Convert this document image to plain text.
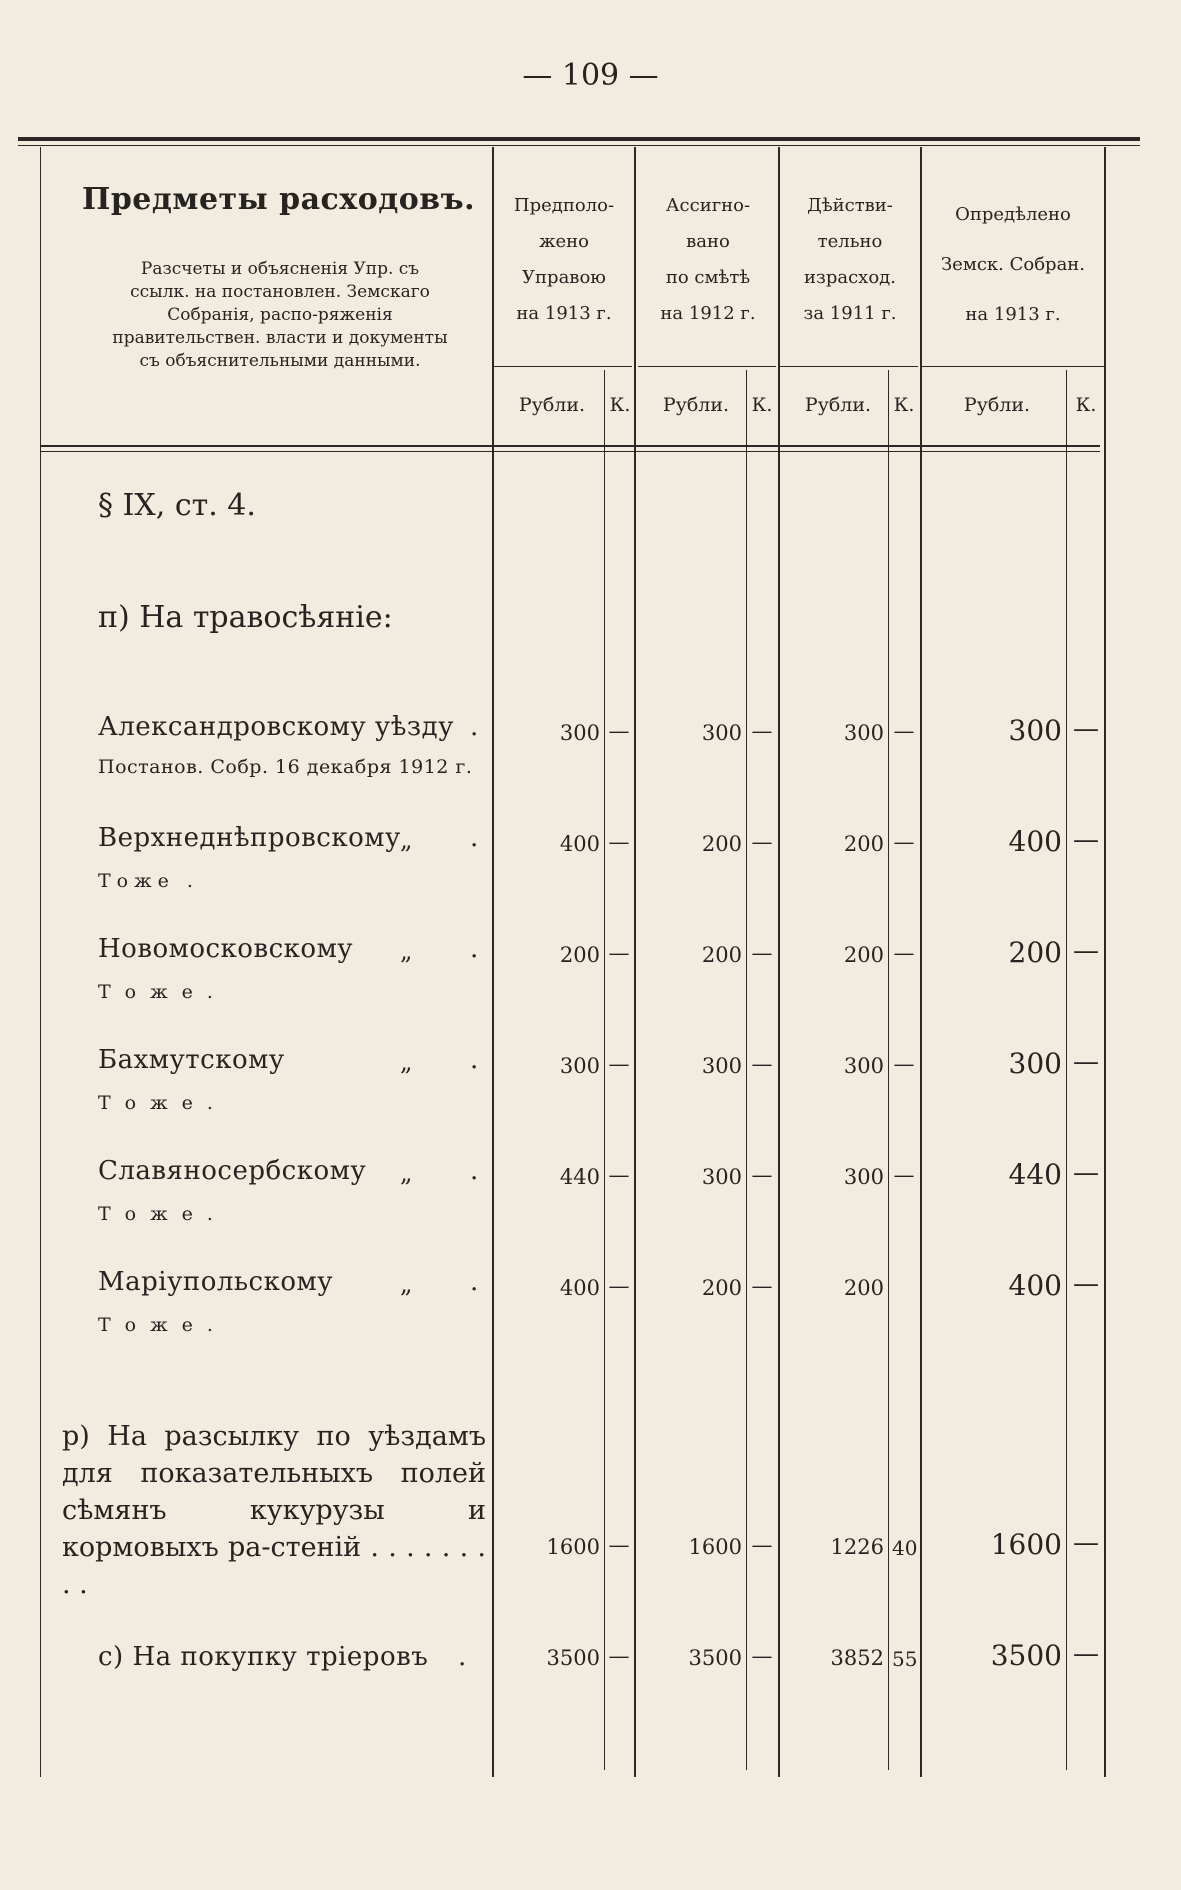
— 109 —
Предметы расходовъ.
Разсчеты и объясненія Упр. съ ссылк. на постановлен. Земскаго Собранія, распо-ряженія правительствен. власти и документы съ объяснительными данными.
Предполо-
жено
Управою
на 1913 г.
Ассигно-
вано
по смѣтѣ
на 1912 г.
Дѣйстви-
тельно
израсход.
за 1911 г.
Опредѣлено
Земск. Собран.
на 1913 г.
Рубли.	К.	Рубли.	К.	Рубли.	К.	Рубли.	К.
§ IX, ст. 4.
п) На травосѣяніе:
Александровскому уѣзду .
Постанов. Собр. 16 декабря 1912 г.
300 —	300 —	300 —	300 —
Верхнеднѣпровскому „ .
Тоже .
400 —	200 —	200 —	400 —
Новомосковскому „ .
Тоже.
200 —	200 —	200 —	200 —
Бахмутскому	„ .
Тоже.
300 —	300 —	300 —	300 —
Славяносербскому „ .
Тоже.
440 —	300 —	300 —	440 —
Маріупольскому	„ .
Тоже.
400 —	200 —	200	400 —
р) На разсылку по уѣздамъ для показательныхъ полей сѣмянъ кукурузы и кормовыхъ ра-стеній . . . . . . . . .
1600 —	1600 —	1226 40	1600 —
с) На покупку тріеровъ .	3500 —	3500 —	3852 55	3500 —
